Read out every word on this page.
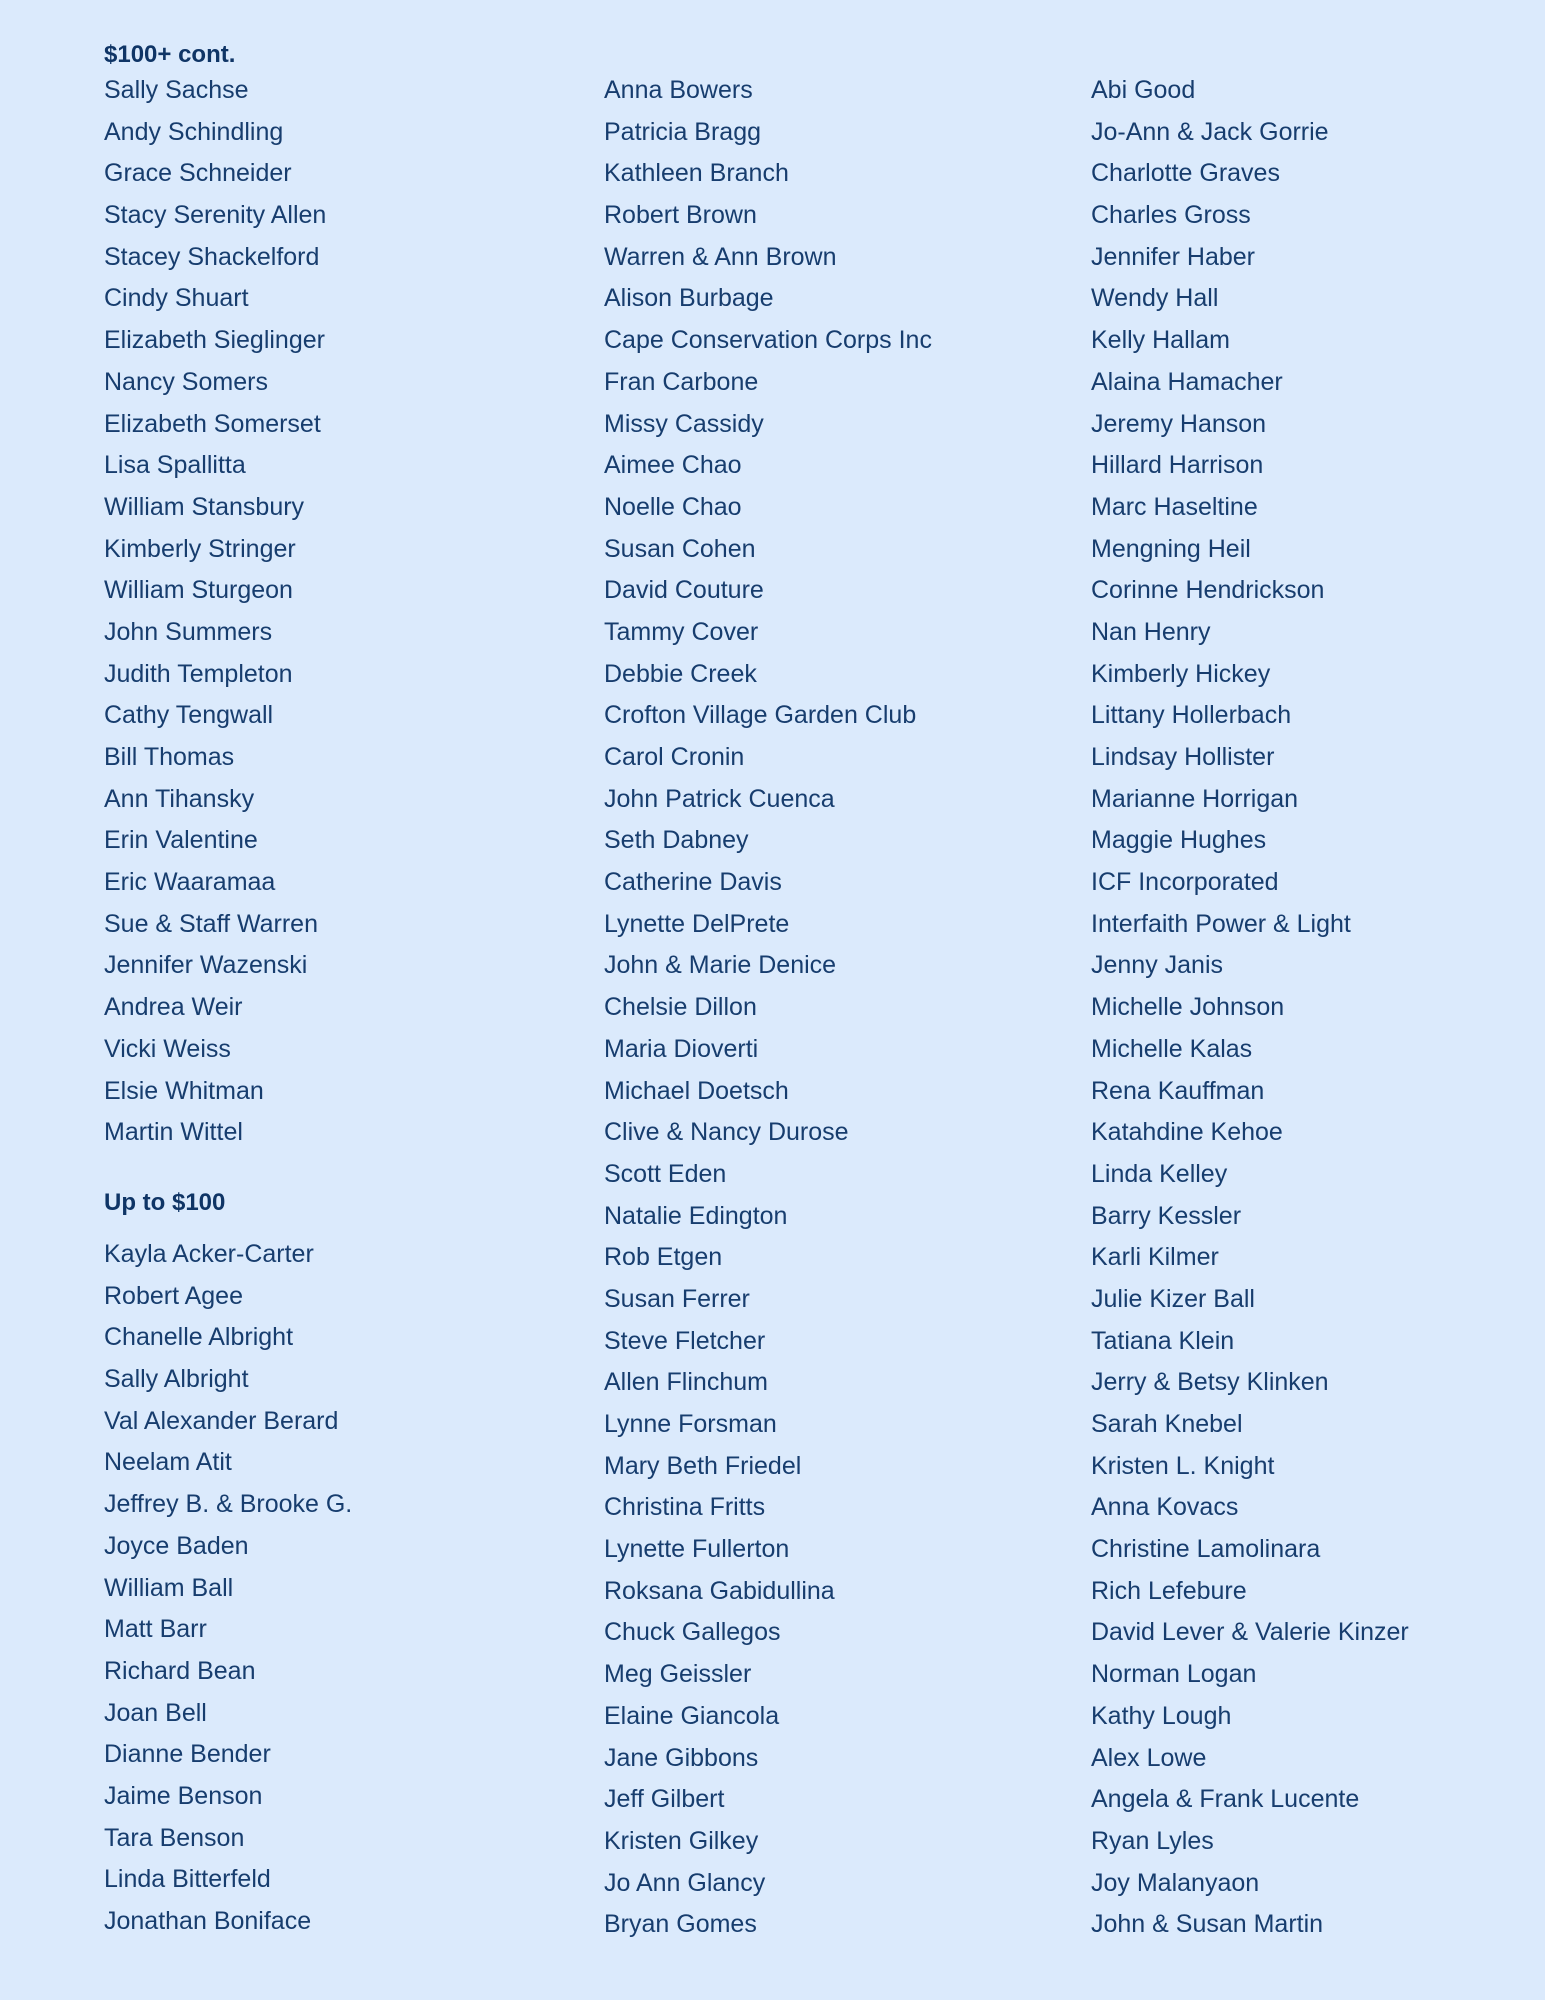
$100+ cont.
Sally Sachse
Andy Schindling
Grace Schneider
Stacy Serenity Allen
Stacey Shackelford
Cindy Shuart
Elizabeth Sieglinger
Nancy Somers
Elizabeth Somerset
Lisa Spallitta
William Stansbury
Kimberly Stringer
William Sturgeon
John Summers
Judith Templeton
Cathy Tengwall
Bill Thomas
Ann Tihansky
Erin Valentine
Eric Waaramaa
Sue & Staff Warren
Jennifer Wazenski
Andrea Weir
Vicki Weiss
Elsie Whitman
Martin Wittel
Up to $100
Kayla Acker-Carter
Robert Agee
Chanelle Albright
Sally Albright
Val Alexander Berard
Neelam Atit
Jeffrey B. & Brooke G.
Joyce Baden
William Ball
Matt Barr
Richard Bean
Joan Bell
Dianne Bender
Jaime Benson
Tara Benson
Linda Bitterfeld
Jonathan Boniface
Anna Bowers
Patricia Bragg
Kathleen Branch
Robert Brown
Warren & Ann Brown
Alison Burbage
Cape Conservation Corps Inc
Fran Carbone
Missy Cassidy
Aimee Chao
Noelle Chao
Susan Cohen
David Couture
Tammy Cover
Debbie Creek
Crofton Village Garden Club
Carol Cronin
John Patrick Cuenca
Seth Dabney
Catherine Davis
Lynette DelPrete
John & Marie Denice
Chelsie Dillon
Maria Dioverti
Michael Doetsch
Clive & Nancy Durose
Scott Eden
Natalie Edington
Rob Etgen
Susan Ferrer
Steve Fletcher
Allen Flinchum
Lynne Forsman
Mary Beth Friedel
Christina Fritts
Lynette Fullerton
Roksana Gabidullina
Chuck Gallegos
Meg Geissler
Elaine Giancola
Jane Gibbons
Jeff Gilbert
Kristen Gilkey
Jo Ann Glancy
Bryan Gomes
Abi Good
Jo-Ann & Jack Gorrie
Charlotte Graves
Charles Gross
Jennifer Haber
Wendy Hall
Kelly Hallam
Alaina Hamacher
Jeremy Hanson
Hillard Harrison
Marc Haseltine
Mengning Heil
Corinne Hendrickson
Nan Henry
Kimberly Hickey
Littany Hollerbach
Lindsay Hollister
Marianne Horrigan
Maggie Hughes
ICF Incorporated
Interfaith Power & Light
Jenny Janis
Michelle Johnson
Michelle Kalas
Rena Kauffman
Katahdine Kehoe
Linda Kelley
Barry Kessler
Karli Kilmer
Julie Kizer Ball
Tatiana Klein
Jerry & Betsy Klinken
Sarah Knebel
Kristen L. Knight
Anna Kovacs
Christine Lamolinara
Rich Lefebure
David Lever & Valerie Kinzer
Norman Logan
Kathy Lough
Alex Lowe
Angela & Frank Lucente
Ryan Lyles
Joy Malanyaon
John & Susan Martin
